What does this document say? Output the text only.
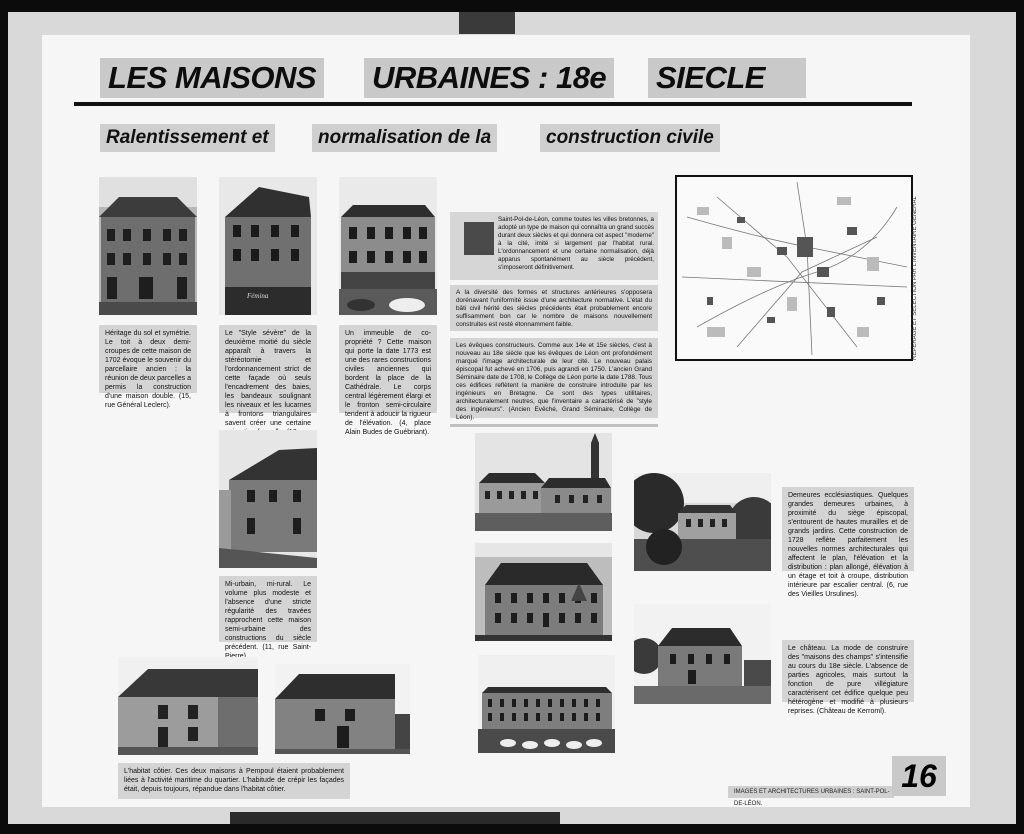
LES MAISONS URBAINES : 18e SIECLE
Ralentissement et	normalisation de la	construction civile
Fémina
Héritage du sol et symétrie. Le toit à deux demi-croupes de cette maison de 1702 évoque le souvenir du parcellaire ancien : la réunion de deux parcelles a permis la construction d'une maison double. (15, rue Général Leclerc).
Le "Style sévère" de la deuxième moitié du siècle apparaît à travers la stéréotomie et l'ordonnancement strict de cette façade où seuls l'encadrement des baies, les bandeaux soulignant les niveaux et les lucarnes à frontons triangulaires savent créer une certaine
Un immeuble de co-propriété ? Cette maison qui porte la date 1773 est une des rares constructions civiles anciennes qui bordent la place de la Cathédrale. Le corps central légèrement élargi et le fronton semi-circulaire tendent à adoucir la rigueur de l'élévation. (4, place Alain Budes de Guébriant).
Saint-Pol-de-Léon, comme toutes les villes bretonnes, a adopté un type de maison qui connaîtra un grand succès durant deux siècles et qui donnera cet aspect "moderne" à la cité, imité si largement par l'habitat rural. L'ordonnancement et une certaine normalisation, déjà apparus spontanément au siècle précédent, s'imposeront définitivement.
A la diversité des formes et structures antérieures s'opposera dorénavant l'uniformité issue d'une architecture normative. L'état du bâti civil hérité des siècles précédents était probablement encore suffisamment bon car le nombre de maisons nouvellement construites est resté étonnamment faible.
Les évêques constructeurs. Comme aux 14e et 15e siècles, c'est à nouveau au 18e siècle que les évêques de Léon ont profondément marqué l'image architecturale de leur cité. Le nouveau palais épiscopal fut achevé en 1706, puis agrandi en 1750. L'ancien Grand Séminaire date de 1708, le Collège de Léon porte la date 1788. Tous ces édifices reflètent la manière de construire introduite par les ingénieurs en Bretagne. Ce sont des types utilitaires, architecturalement neutres, que l'inventaire a caractérisé de "style des ingénieurs". (Ancien Evêché, Grand Séminaire, Collège de Léon).
REPÉRAGE ET SÉLECTION PAR L'INVENTAIRE GÉNÉRAL
Mi-urbain, mi-rural. Le volume plus modeste et l'absence d'une stricte régularité des travées rapprochent cette maison semi-urbaine des constructions du siècle précédent. (11, rue Saint-
L'habitat côtier. Ces deux maisons à Pempoul étaient probablement liées à l'activité maritime du quartier. L'habitude de crépir les façades était, depuis toujours, répandue dans l'habitat côtier.
Demeures ecclésiastiques. Quelques grandes demeures urbaines, à proximité du siège épiscopal, s'entourent de hautes murailles et de grands jardins. Cette construction de 1728 reflète parfaitement les nouvelles normes architecturales qui affectent le plan, l'élévation et la distribution : plan allongé, élévation à un étage et toit à croupe, distribution intérieure par escalier central. (6, rue des Vieilles Ursulines).
Le château. La mode de construire des "maisons des champs" s'intensifie au cours du 18e siècle. L'absence de parties agricoles, mais surtout la fonction de pure villégiature caractérisent cet édifice quelque peu hétérogène et modifié à plusieurs reprises. (Château de Kerroml).
IMAGES ET ARCHITECTURES URBAINES : SAINT-POL-DE-LÉON.
16
